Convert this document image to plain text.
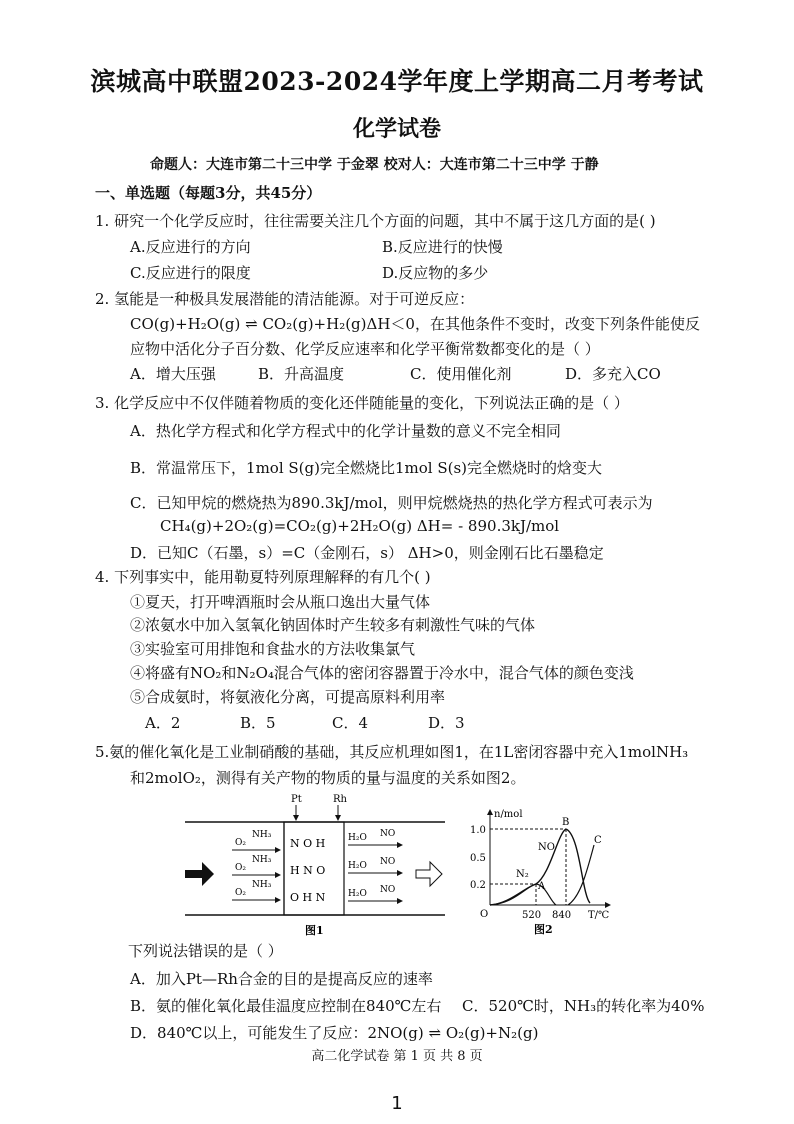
滨城高中联盟2023-2024学年度上学期高二月考考试
化学试卷
命题人：大连市第二十三中学 于金翠 校对人：大连市第二十三中学 于静
一、单选题（每题3分，共45分）
1. 研究一个化学反应时，往往需要关注几个方面的问题，其中不属于这几方面的是( )
A.反应进行的方向	B.反应进行的快慢
C.反应进行的限度	D.反应物的多少
2. 氢能是一种极具发展潜能的清洁能源。对于可逆反应：
CO(g)+H₂O(g) ⇌ CO₂(g)+H₂(g)ΔH＜0，在其他条件不变时，改变下列条件能使反
应物中活化分子百分数、化学反应速率和化学平衡常数都变化的是（ ）
A．增大压强	B．升高温度	C．使用催化剂	D．多充入CO
3. 化学反应中不仅伴随着物质的变化还伴随能量的变化，下列说法正确的是（ ）
A．热化学方程式和化学方程式中的化学计量数的意义不完全相同
B．常温常压下，1mol S(g)完全燃烧比1mol S(s)完全燃烧时的焓变大
C．已知甲烷的燃烧热为890.3kJ/mol，则甲烷燃烧热的热化学方程式可表示为
CH₄(g)+2O₂(g)=CO₂(g)+2H₂O(g) ΔH= - 890.3kJ/mol
D．已知C（石墨，s）=C（金刚石，s） ΔH>0，则金刚石比石墨稳定
4. 下列事实中，能用勒夏特列原理解释的有几个( )
①夏天，打开啤酒瓶时会从瓶口逸出大量气体
②浓氨水中加入氢氧化钠固体时产生较多有刺激性气味的气体
③实验室可用排饱和食盐水的方法收集氯气
④将盛有NO₂和N₂O₄混合气体的密闭容器置于冷水中，混合气体的颜色变浅
⑤合成氨时，将氨液化分离，可提高原料利用率
A．2	B．5	C．4	D．3
5.氨的催化氧化是工业制硝酸的基础，其反应机理如图1，在1L密闭容器中充入1molNH₃
和2molO₂，测得有关产物的物质的量与温度的关系如图2。
Pt	Rh
O₂
NH₃
O₂
NH₃
O₂
NH₃
N O H
H N O
O H N
H₂O NO
H₂O NO
H₂O NO
图1
n/mol
T/℃
O
1.0
0.5
0.2
520 840
B
C
A
NO
N₂
图2
下列说法错误的是（ ）
A．加入Pt—Rh合金的目的是提高反应的速率
B．氨的催化氧化最佳温度应控制在840℃左右 C．520℃时，NH₃的转化率为40%
D．840℃以上，可能发生了反应：2NO(g) ⇌ O₂(g)+N₂(g)
高二化学试卷 第 1 页 共 8 页
1
